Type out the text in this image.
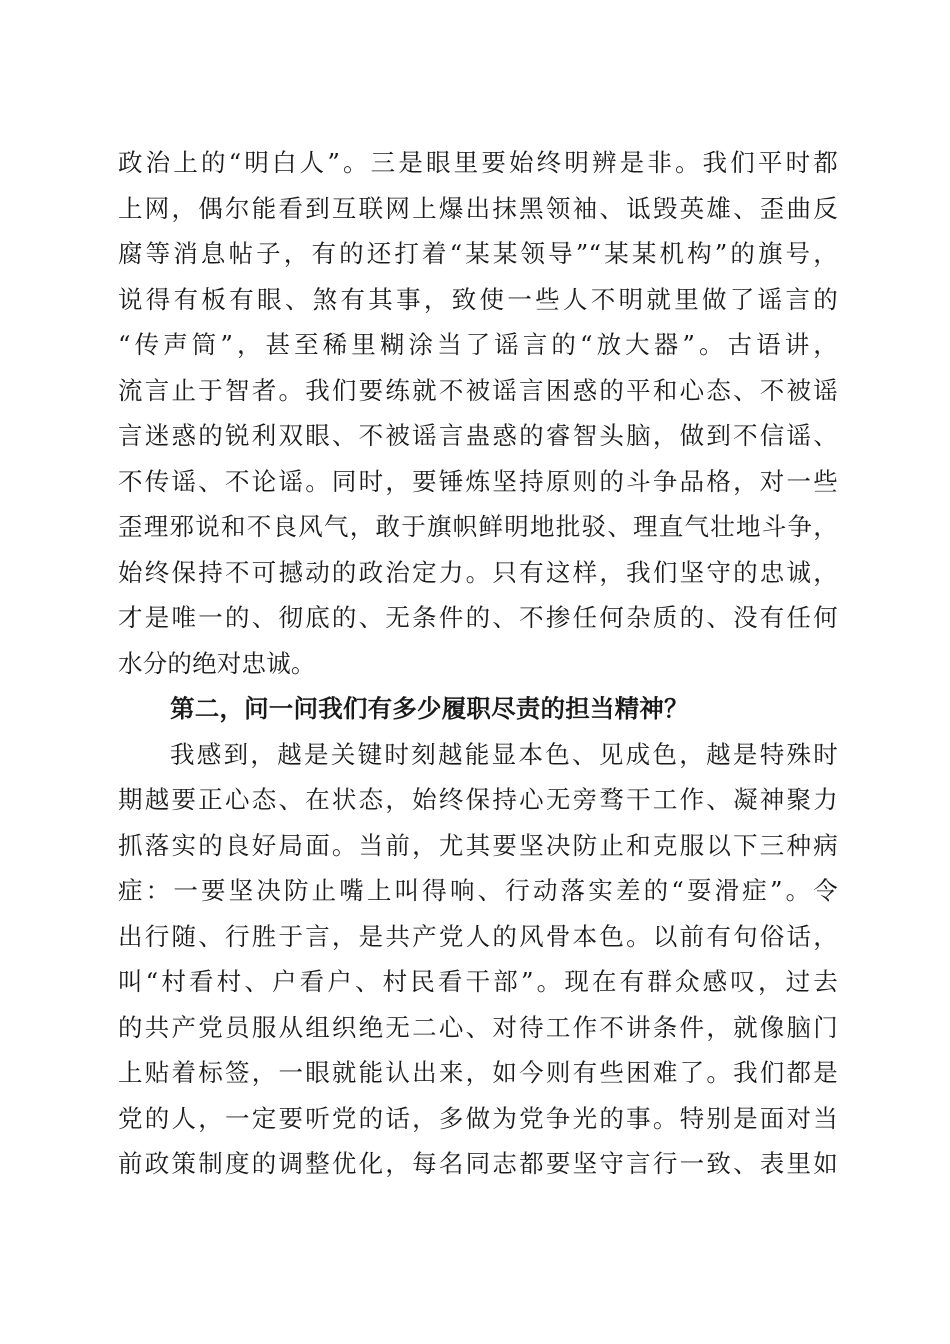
政治上的“明白人”。三是眼里要始终明辨是非。我们平时都
上网，偶尔能看到互联网上爆出抹黑领袖、诋毁英雄、歪曲反
腐等消息帖子，有的还打着“某某领导”“某某机构”的旗号，
说得有板有眼、煞有其事，致使一些人不明就里做了谣言的
“传声筒”，甚至稀里糊涂当了谣言的“放大器”。古语讲，
流言止于智者。我们要练就不被谣言困惑的平和心态、不被谣
言迷惑的锐利双眼、不被谣言蛊惑的睿智头脑，做到不信谣、
不传谣、不论谣。同时，要锤炼坚持原则的斗争品格，对一些
歪理邪说和不良风气，敢于旗帜鲜明地批驳、理直气壮地斗争，
始终保持不可撼动的政治定力。只有这样，我们坚守的忠诚，
才是唯一的、彻底的、无条件的、不掺任何杂质的、没有任何
水分的绝对忠诚。
第二，问一问我们有多少履职尽责的担当精神？
我感到，越是关键时刻越能显本色、见成色，越是特殊时
期越要正心态、在状态，始终保持心无旁骛干工作、凝神聚力
抓落实的良好局面。当前，尤其要坚决防止和克服以下三种病
症：一要坚决防止嘴上叫得响、行动落实差的“耍滑症”。令
出行随、行胜于言，是共产党人的风骨本色。以前有句俗话，
叫“村看村、户看户、村民看干部”。现在有群众感叹，过去
的共产党员服从组织绝无二心、对待工作不讲条件，就像脑门
上贴着标签，一眼就能认出来，如今则有些困难了。我们都是
党的人，一定要听党的话，多做为党争光的事。特别是面对当
前政策制度的调整优化，每名同志都要坚守言行一致、表里如
